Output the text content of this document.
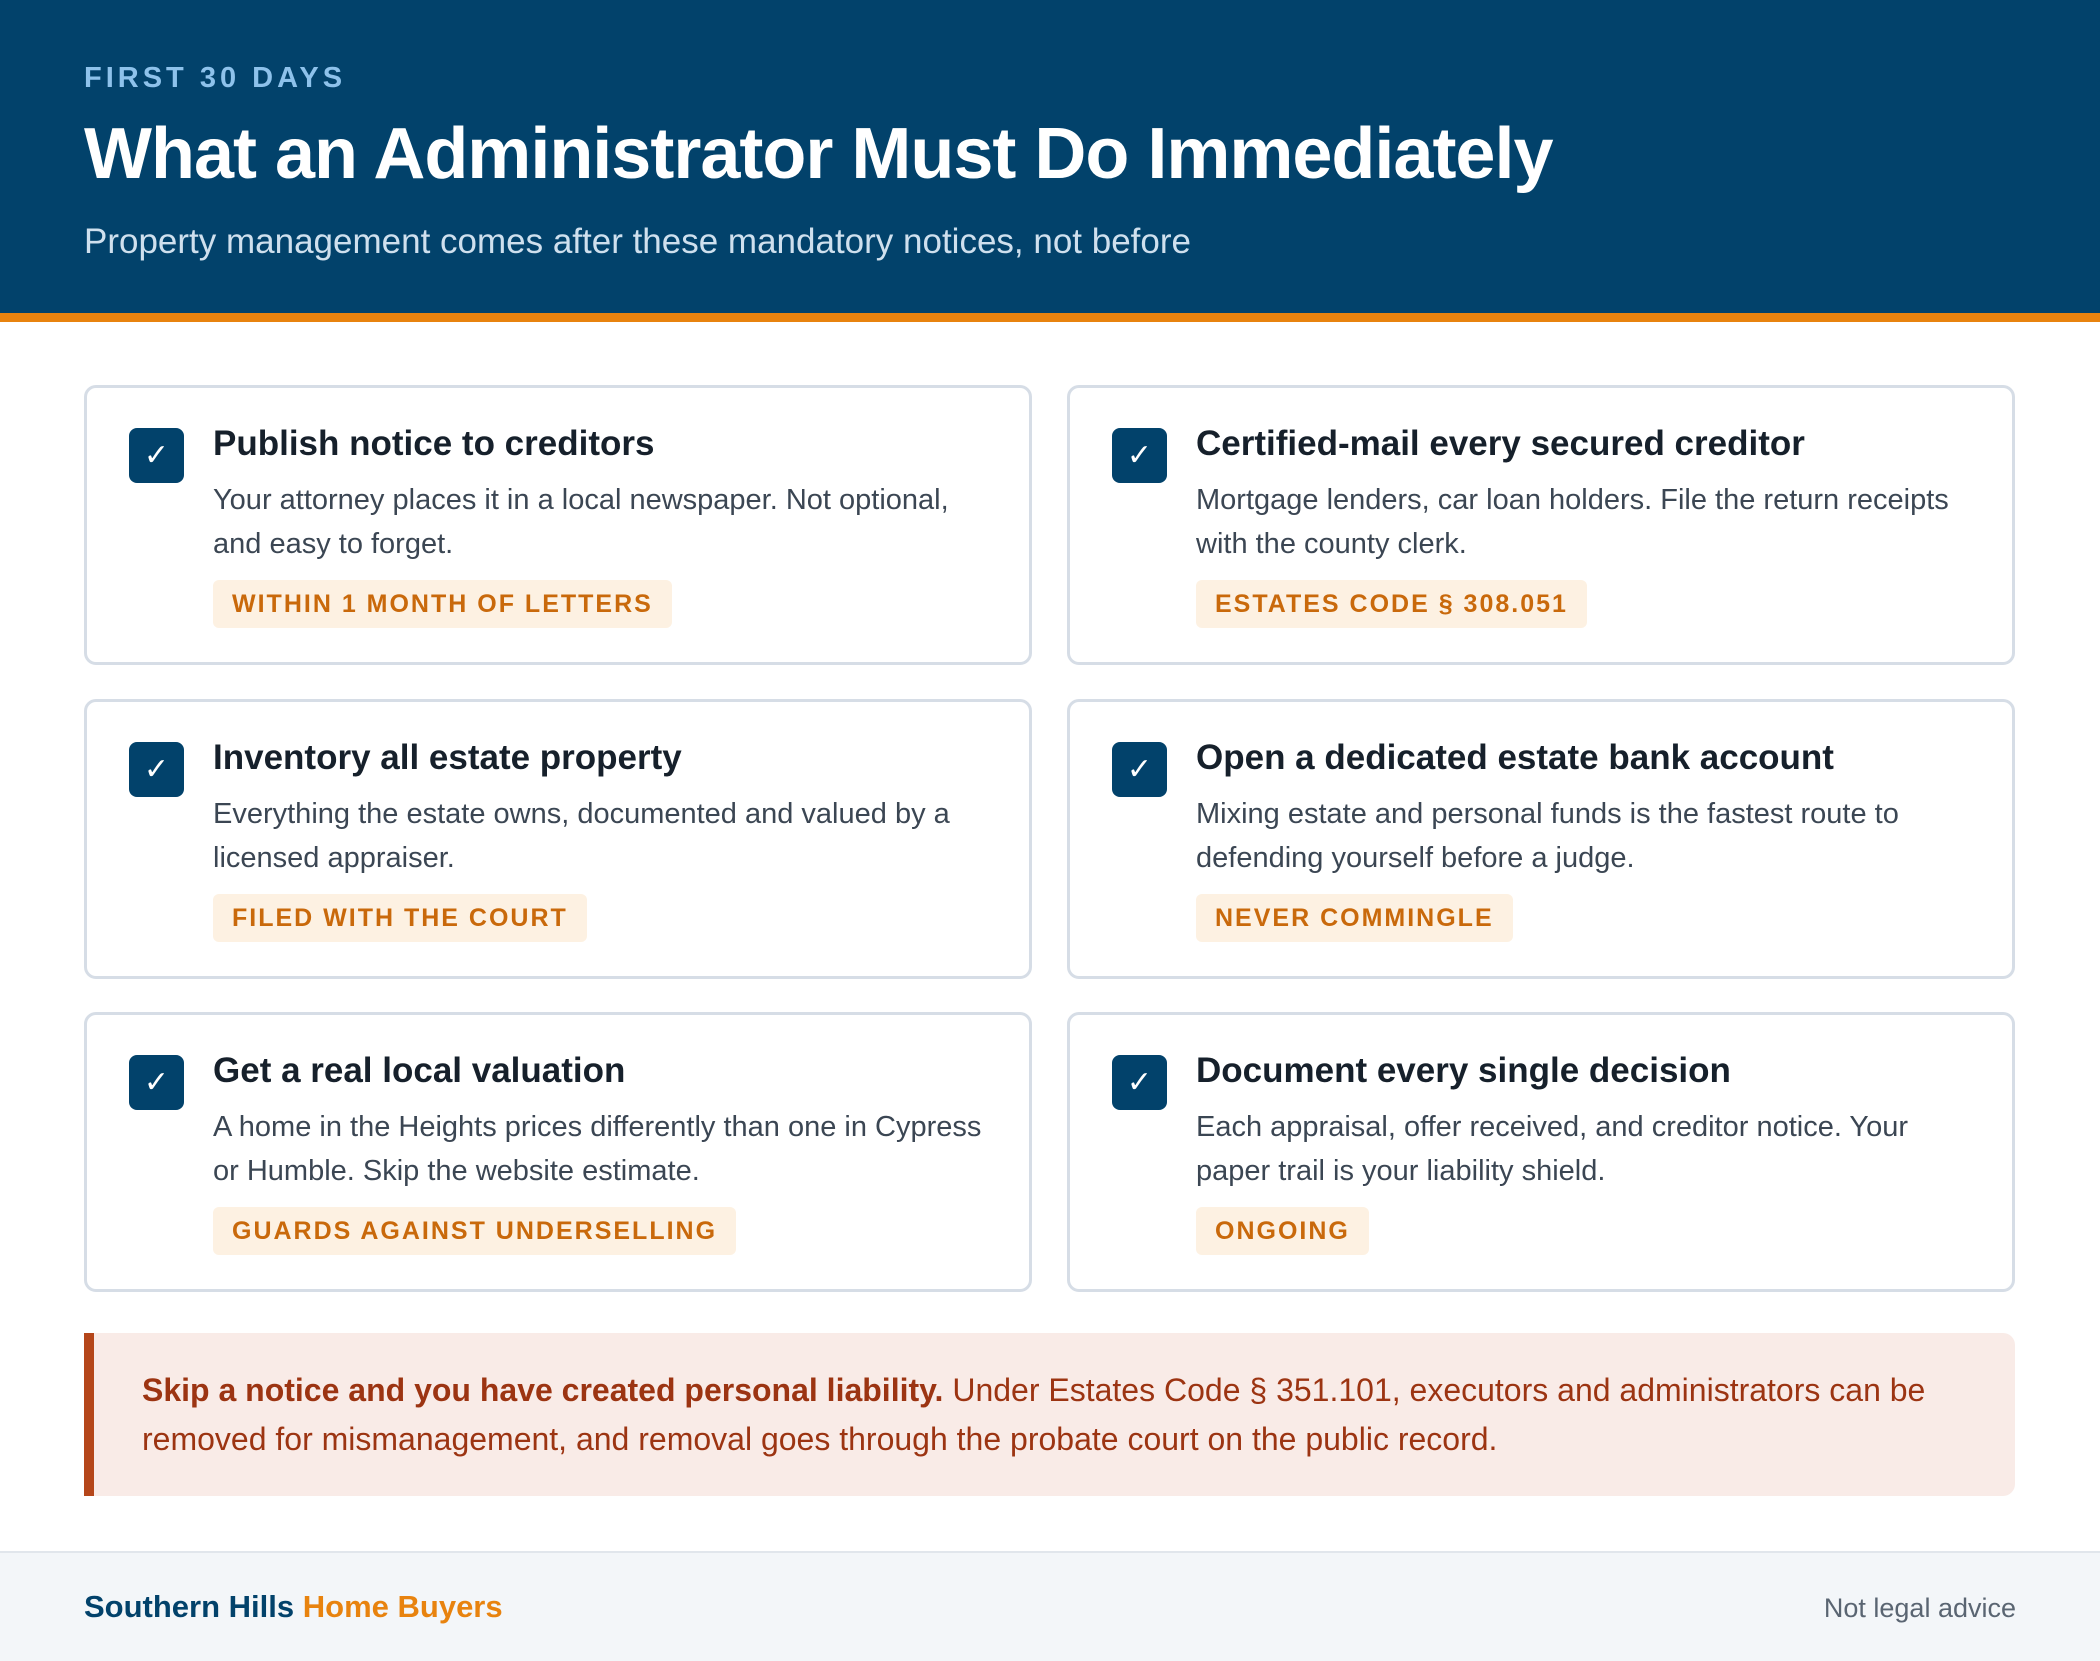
FIRST 30 DAYS
What an Administrator Must Do Immediately
Property management comes after these mandatory notices, not before
✓	Publish notice to creditors
Your attorney places it in a local newspaper. Not optional, and easy to forget.
WITHIN 1 MONTH OF LETTERS
✓	Certified-mail every secured creditor
Mortgage lenders, car loan holders. File the return receipts with the county clerk.
ESTATES CODE § 308.051
✓	Inventory all estate property
Everything the estate owns, documented and valued by a licensed appraiser.
FILED WITH THE COURT
✓	Open a dedicated estate bank account
Mixing estate and personal funds is the fastest route to defending yourself before a judge.
NEVER COMMINGLE
✓	Get a real local valuation
A home in the Heights prices differently than one in Cypress or Humble. Skip the website estimate.
GUARDS AGAINST UNDERSELLING
✓	Document every single decision
Each appraisal, offer received, and creditor notice. Your paper trail is your liability shield.
ONGOING
Skip a notice and you have created personal liability. Under Estates Code § 351.101, executors and administrators can be removed for mismanagement, and removal goes through the probate court on the public record.
Southern Hills Home Buyers	Not legal advice
